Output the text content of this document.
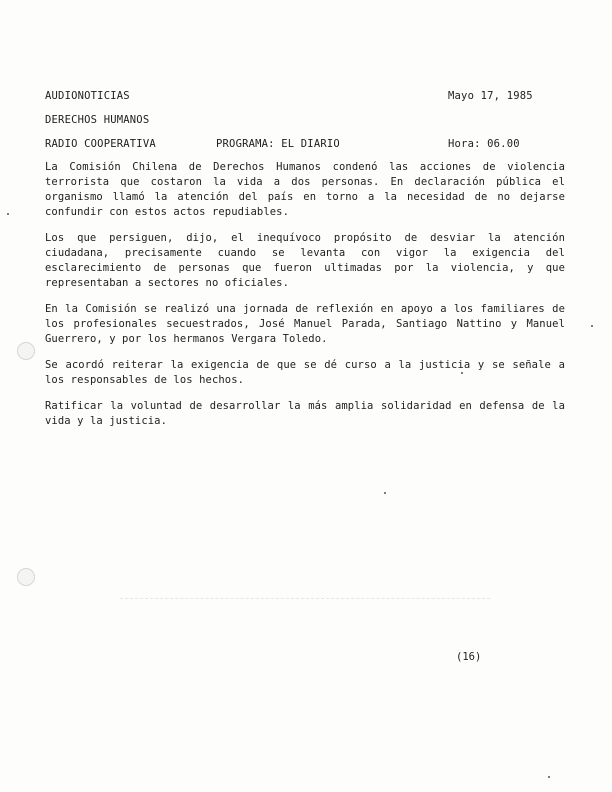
AUDIONOTICIAS	Mayo 17, 1985
DERECHOS HUMANOS
RADIO COOPERATIVA	PROGRAMA: EL DIARIO	Hora: 06.00

La Comisión Chilena de Derechos Humanos condenó las acciones de violencia terrorista que costaron la vida a dos personas. En declaración pública el organismo llamó la atención del país en torno a la necesidad de no dejarse confundir con estos actos repudiables.

Los que persiguen, dijo, el inequívoco propósito de desviar la atención ciudadana, precisamente cuando se levanta con vigor la exigencia del esclarecimiento de personas que fueron ultimadas por la violencia, y que representaban a sectores no oficiales.

En la Comisión se realizó una jornada de reflexión en apoyo a los familiares de los profesionales secuestrados, José Manuel Parada, Santiago Nattino y Manuel Guerrero, y por los hermanos Vergara Toledo.

Se acordó reiterar la exigencia de que se dé curso a la justicia y se señale a los responsables de los hechos.

Ratificar la voluntad de desarrollar la más amplia solidaridad en defensa de la vida y la justicia.

(16)
